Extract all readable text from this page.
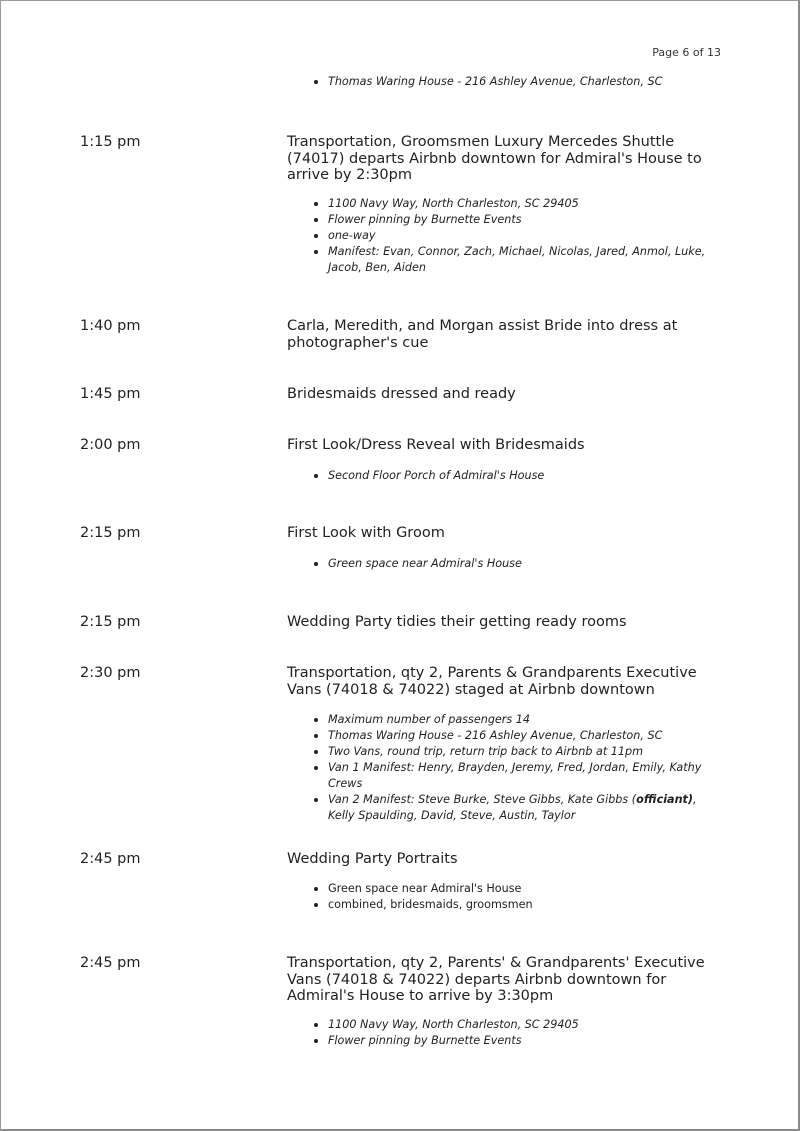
Page 6 of 13
Thomas Waring House - 216 Ashley Avenue, Charleston, SC
1:15 pm	Transportation, Groomsmen Luxury Mercedes Shuttle (74017) departs Airbnb downtown for Admiral's House to arrive by 2:30pm
1100 Navy Way, North Charleston, SC 29405
Flower pinning by Burnette Events
one-way
Manifest: Evan, Connor, Zach, Michael, Nicolas, Jared, Anmol, Luke, Jacob, Ben, Aiden
1:40 pm	Carla, Meredith, and Morgan assist Bride into dress at photographer's cue
1:45 pm	Bridesmaids dressed and ready
2:00 pm	First Look/Dress Reveal with Bridesmaids
Second Floor Porch of Admiral's House
2:15 pm	First Look with Groom
Green space near Admiral's House
2:15 pm	Wedding Party tidies their getting ready rooms
2:30 pm	Transportation, qty 2, Parents & Grandparents Executive Vans (74018 & 74022) staged at Airbnb downtown
Maximum number of passengers 14
Thomas Waring House - 216 Ashley Avenue, Charleston, SC
Two Vans, round trip, return trip back to Airbnb at 11pm
Van 1 Manifest: Henry, Brayden, Jeremy, Fred, Jordan, Emily, Kathy Crews
Van 2 Manifest: Steve Burke, Steve Gibbs, Kate Gibbs (officiant), Kelly Spaulding, David, Steve, Austin, Taylor
2:45 pm	Wedding Party Portraits
Green space near Admiral's House
combined, bridesmaids, groomsmen
2:45 pm	Transportation, qty 2, Parents' & Grandparents' Executive Vans (74018 & 74022) departs Airbnb downtown for Admiral's House to arrive by 3:30pm
1100 Navy Way, North Charleston, SC 29405
Flower pinning by Burnette Events
